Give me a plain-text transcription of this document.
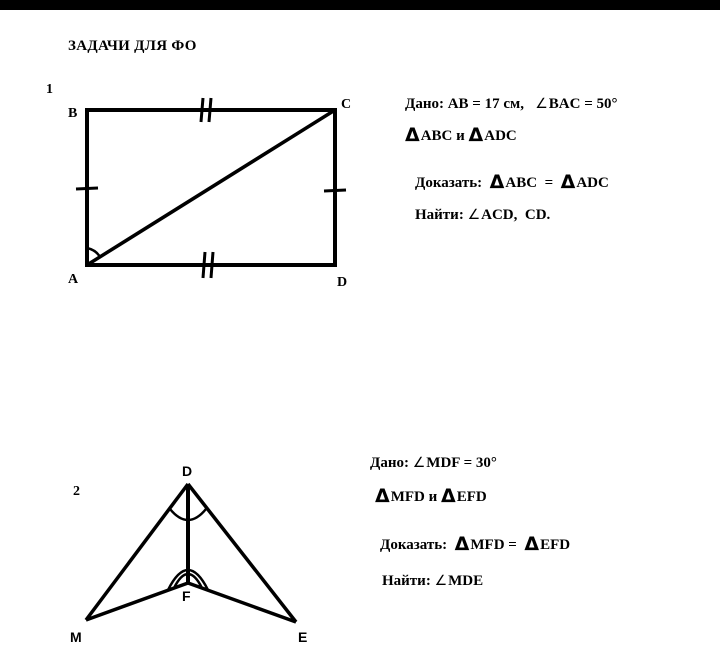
ЗАДАЧИ ДЛЯ ФО
1
B
C
A	D
D
F
M	E
Дано: AB = 17 см, ∠BAC = 50°
ΔABC и ΔADC
Доказать: ΔABC = ΔADC
Найти: ∠ACD, CD.
2
Дано: ∠MDF = 30°
ΔMFD и ΔEFD
Доказать: ΔMFD = ΔEFD
Найти: ∠MDE
